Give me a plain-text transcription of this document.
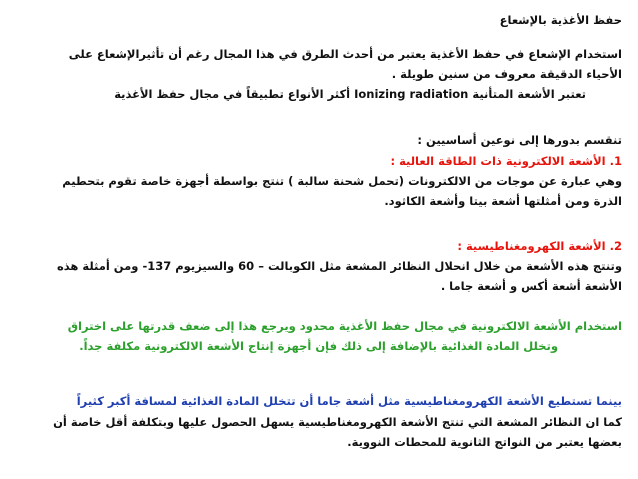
حفظ الأغذية بالإشعاع

استخدام الإشعاع في حفظ الأغذية يعتبر من أحدث الطرق في هذا المجال رغم أن تأثيرالإشعاع على

الأحياء الدقيقة معروف من سنين طويلة .

تعتبر الأشعة المتأنية Ionizing radiation أكثر الأنواع تطبيقاً في مجال حفظ الأغذية

تنقسم بدورها إلى نوعين أساسيين :

.1 الأشعة الالكترونية ذات الطاقة العالية :

وهي عبارة عن موجات من الالكترونات (تحمل شحنة سالبة ) تنتج بواسطة أجهزة خاصة تقوم بتحطيم

الذرة ومن أمثلتها أشعة بيتا وأشعة الكاثود.

.2 الأشعة الكهرومغناطيسية :

وتنتج هذه الأشعة من خلال انحلال النظائر المشعة مثل الكوبالت – 60 والسيزيوم -137 ومن أمثلة هذه

الأشعة أشعة أكس و أشعة جاما .

استخدام الأشعة الالكترونية في مجال حفظ الأغذية محدود ويرجع هذا إلى ضعف قدرتها على اختراق

وتخلل المادة الغذائية بالإضافة إلى ذلك فإن أجهزة إنتاج الأشعة الالكترونية مكلفة جداً.

بينما تستطيع الأشعة الكهرومغناطيسية مثل أشعة جاما أن تتخلل المادة الغذائية لمسافة أكبر كثيراً

كما ان النظائر المشعة التي تنتج الأشعة الكهرومغناطيسية يسهل الحصول عليها وبتكلفة أقل خاصة أن

بعضها يعتبر من النواتج الثانوية للمحطات النووية.
